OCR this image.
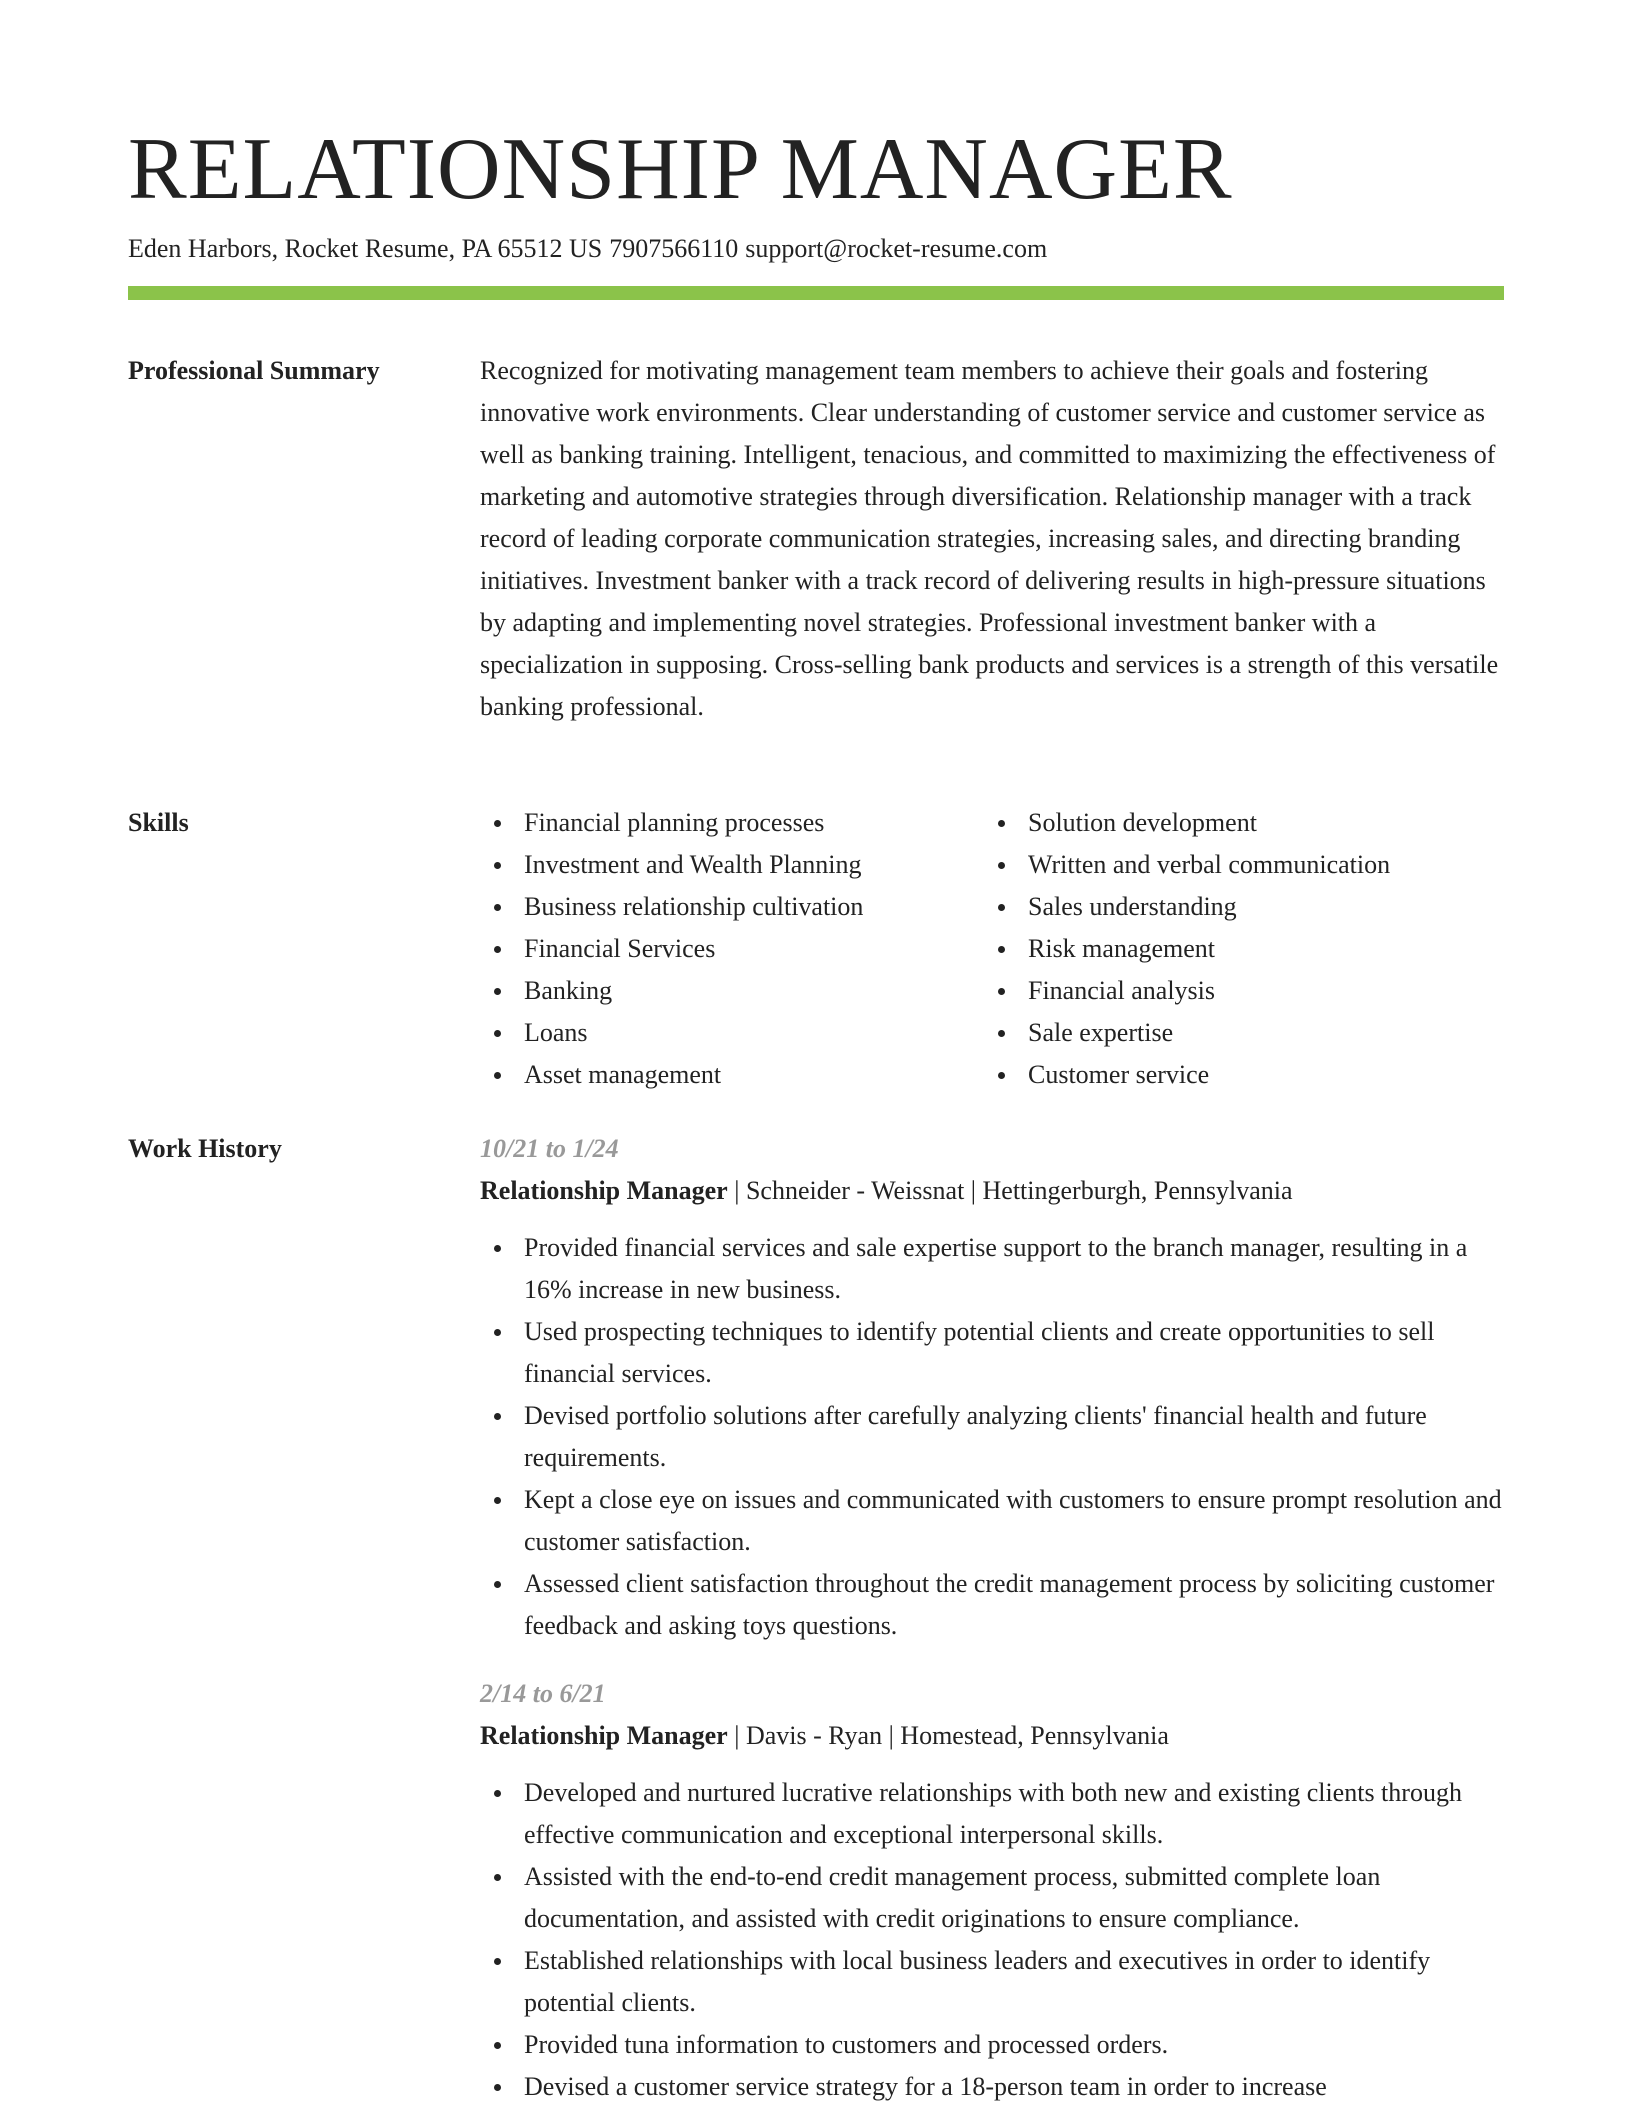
RELATIONSHIP MANAGER
Eden Harbors, Rocket Resume, PA 65512 US 7907566110 support@rocket-resume.com
Professional Summary	Recognized for motivating management team members to achieve their goals and fostering innovative work environments. Clear understanding of customer service and customer service as well as banking training. Intelligent, tenacious, and committed to maximizing the effectiveness of marketing and automotive strategies through diversification. Relationship manager with a track record of leading corporate communication strategies, increasing sales, and directing branding initiatives. Investment banker with a track record of delivering results in high-pressure situations by adapting and implementing novel strategies. Professional investment banker with a specialization in supposing. Cross-selling bank products and services is a strength of this versatile banking professional.

Skills	Financial planning processes
Investment and Wealth Planning
Business relationship cultivation
Financial Services
Banking
Loans
Asset management
Solution development
Written and verbal communication
Sales understanding
Risk management
Financial analysis
Sale expertise
Customer service
Work History	10/21 to 1/24
Relationship Manager | Schneider - Weissnat | Hettingerburgh, Pennsylvania
Provided financial services and sale expertise support to the branch manager, resulting in a 16% increase in new business.
Used prospecting techniques to identify potential clients and create opportunities to sell financial services.
Devised portfolio solutions after carefully analyzing clients' financial health and future requirements.
Kept a close eye on issues and communicated with customers to ensure prompt resolution and customer satisfaction.
Assessed client satisfaction throughout the credit management process by soliciting customer feedback and asking toys questions.
2/14 to 6/21
Relationship Manager | Davis - Ryan | Homestead, Pennsylvania
Developed and nurtured lucrative relationships with both new and existing clients through effective communication and exceptional interpersonal skills.
Assisted with the end-to-end credit management process, submitted complete loan documentation, and assisted with credit originations to ensure compliance.
Established relationships with local business leaders and executives in order to identify potential clients.
Provided tuna information to customers and processed orders.
Devised a customer service strategy for a 18-person team in order to increase
